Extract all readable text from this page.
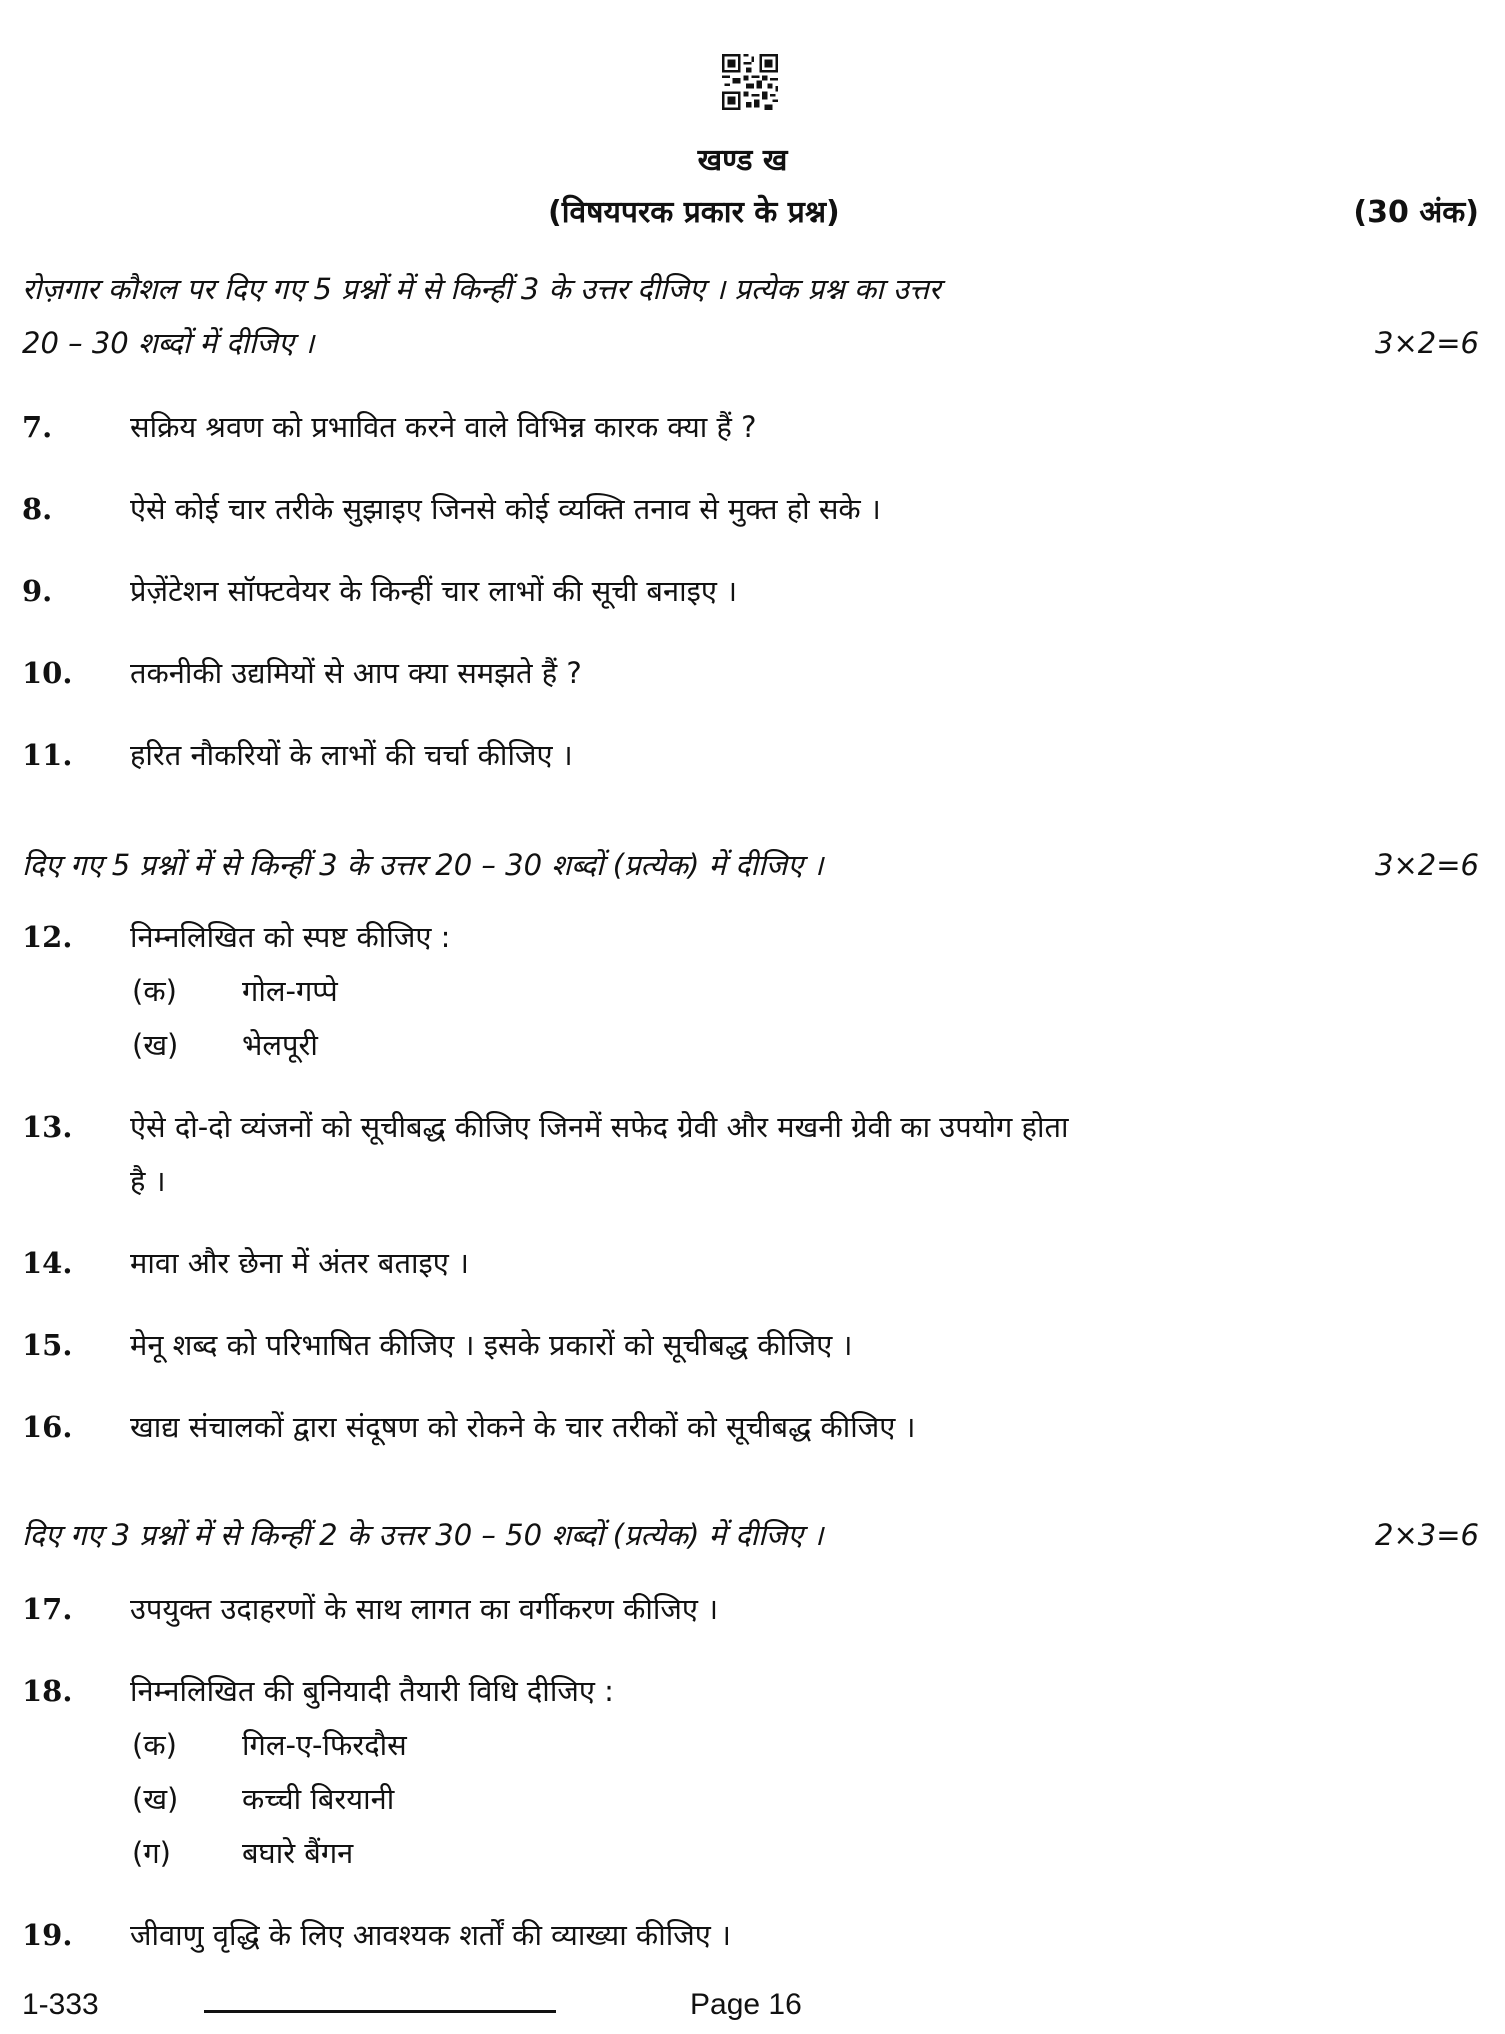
खण्ड ख
(विषयपरक प्रकार के प्रश्न)	(30 अंक)
रोज़गार कौशल पर दिए गए 5 प्रश्नों में से किन्हीं 3 के उत्तर दीजिए । प्रत्येक प्रश्न का उत्तर
20 – 30 शब्दों में दीजिए ।	3×2=6
7.	सक्रिय श्रवण को प्रभावित करने वाले विभिन्न कारक क्या हैं ?
8.	ऐसे कोई चार तरीके सुझाइए जिनसे कोई व्यक्ति तनाव से मुक्त हो सके ।
9.	प्रेज़ेंटेशन सॉफ्टवेयर के किन्हीं चार लाभों की सूची बनाइए ।
10. तकनीकी उद्यमियों से आप क्या समझते हैं ?
11. हरित नौकरियों के लाभों की चर्चा कीजिए ।
दिए गए 5 प्रश्नों में से किन्हीं 3 के उत्तर 20 – 30 शब्दों (प्रत्येक) में दीजिए ।	3×2=6
12. निम्नलिखित को स्पष्ट कीजिए :
(क) गोल-गप्पे
(ख) भेलपूरी
13. ऐसे दो-दो व्यंजनों को सूचीबद्ध कीजिए जिनमें सफेद ग्रेवी और मखनी ग्रेवी का उपयोग होता
है ।
14. मावा और छेना में अंतर बताइए ।
15. मेनू शब्द को परिभाषित कीजिए । इसके प्रकारों को सूचीबद्ध कीजिए ।
16. खाद्य संचालकों द्वारा संदूषण को रोकने के चार तरीकों को सूचीबद्ध कीजिए ।
दिए गए 3 प्रश्नों में से किन्हीं 2 के उत्तर 30 – 50 शब्दों (प्रत्येक) में दीजिए ।	2×3=6
17. उपयुक्त उदाहरणों के साथ लागत का वर्गीकरण कीजिए ।
18. निम्नलिखित की बुनियादी तैयारी विधि दीजिए :
(क) गिल-ए-फिरदौस
(ख) कच्ची बिरयानी
(ग) बघारे बैंगन
19. जीवाणु वृद्धि के लिए आवश्यक शर्तों की व्याख्या कीजिए ।
1-333	Page 16
